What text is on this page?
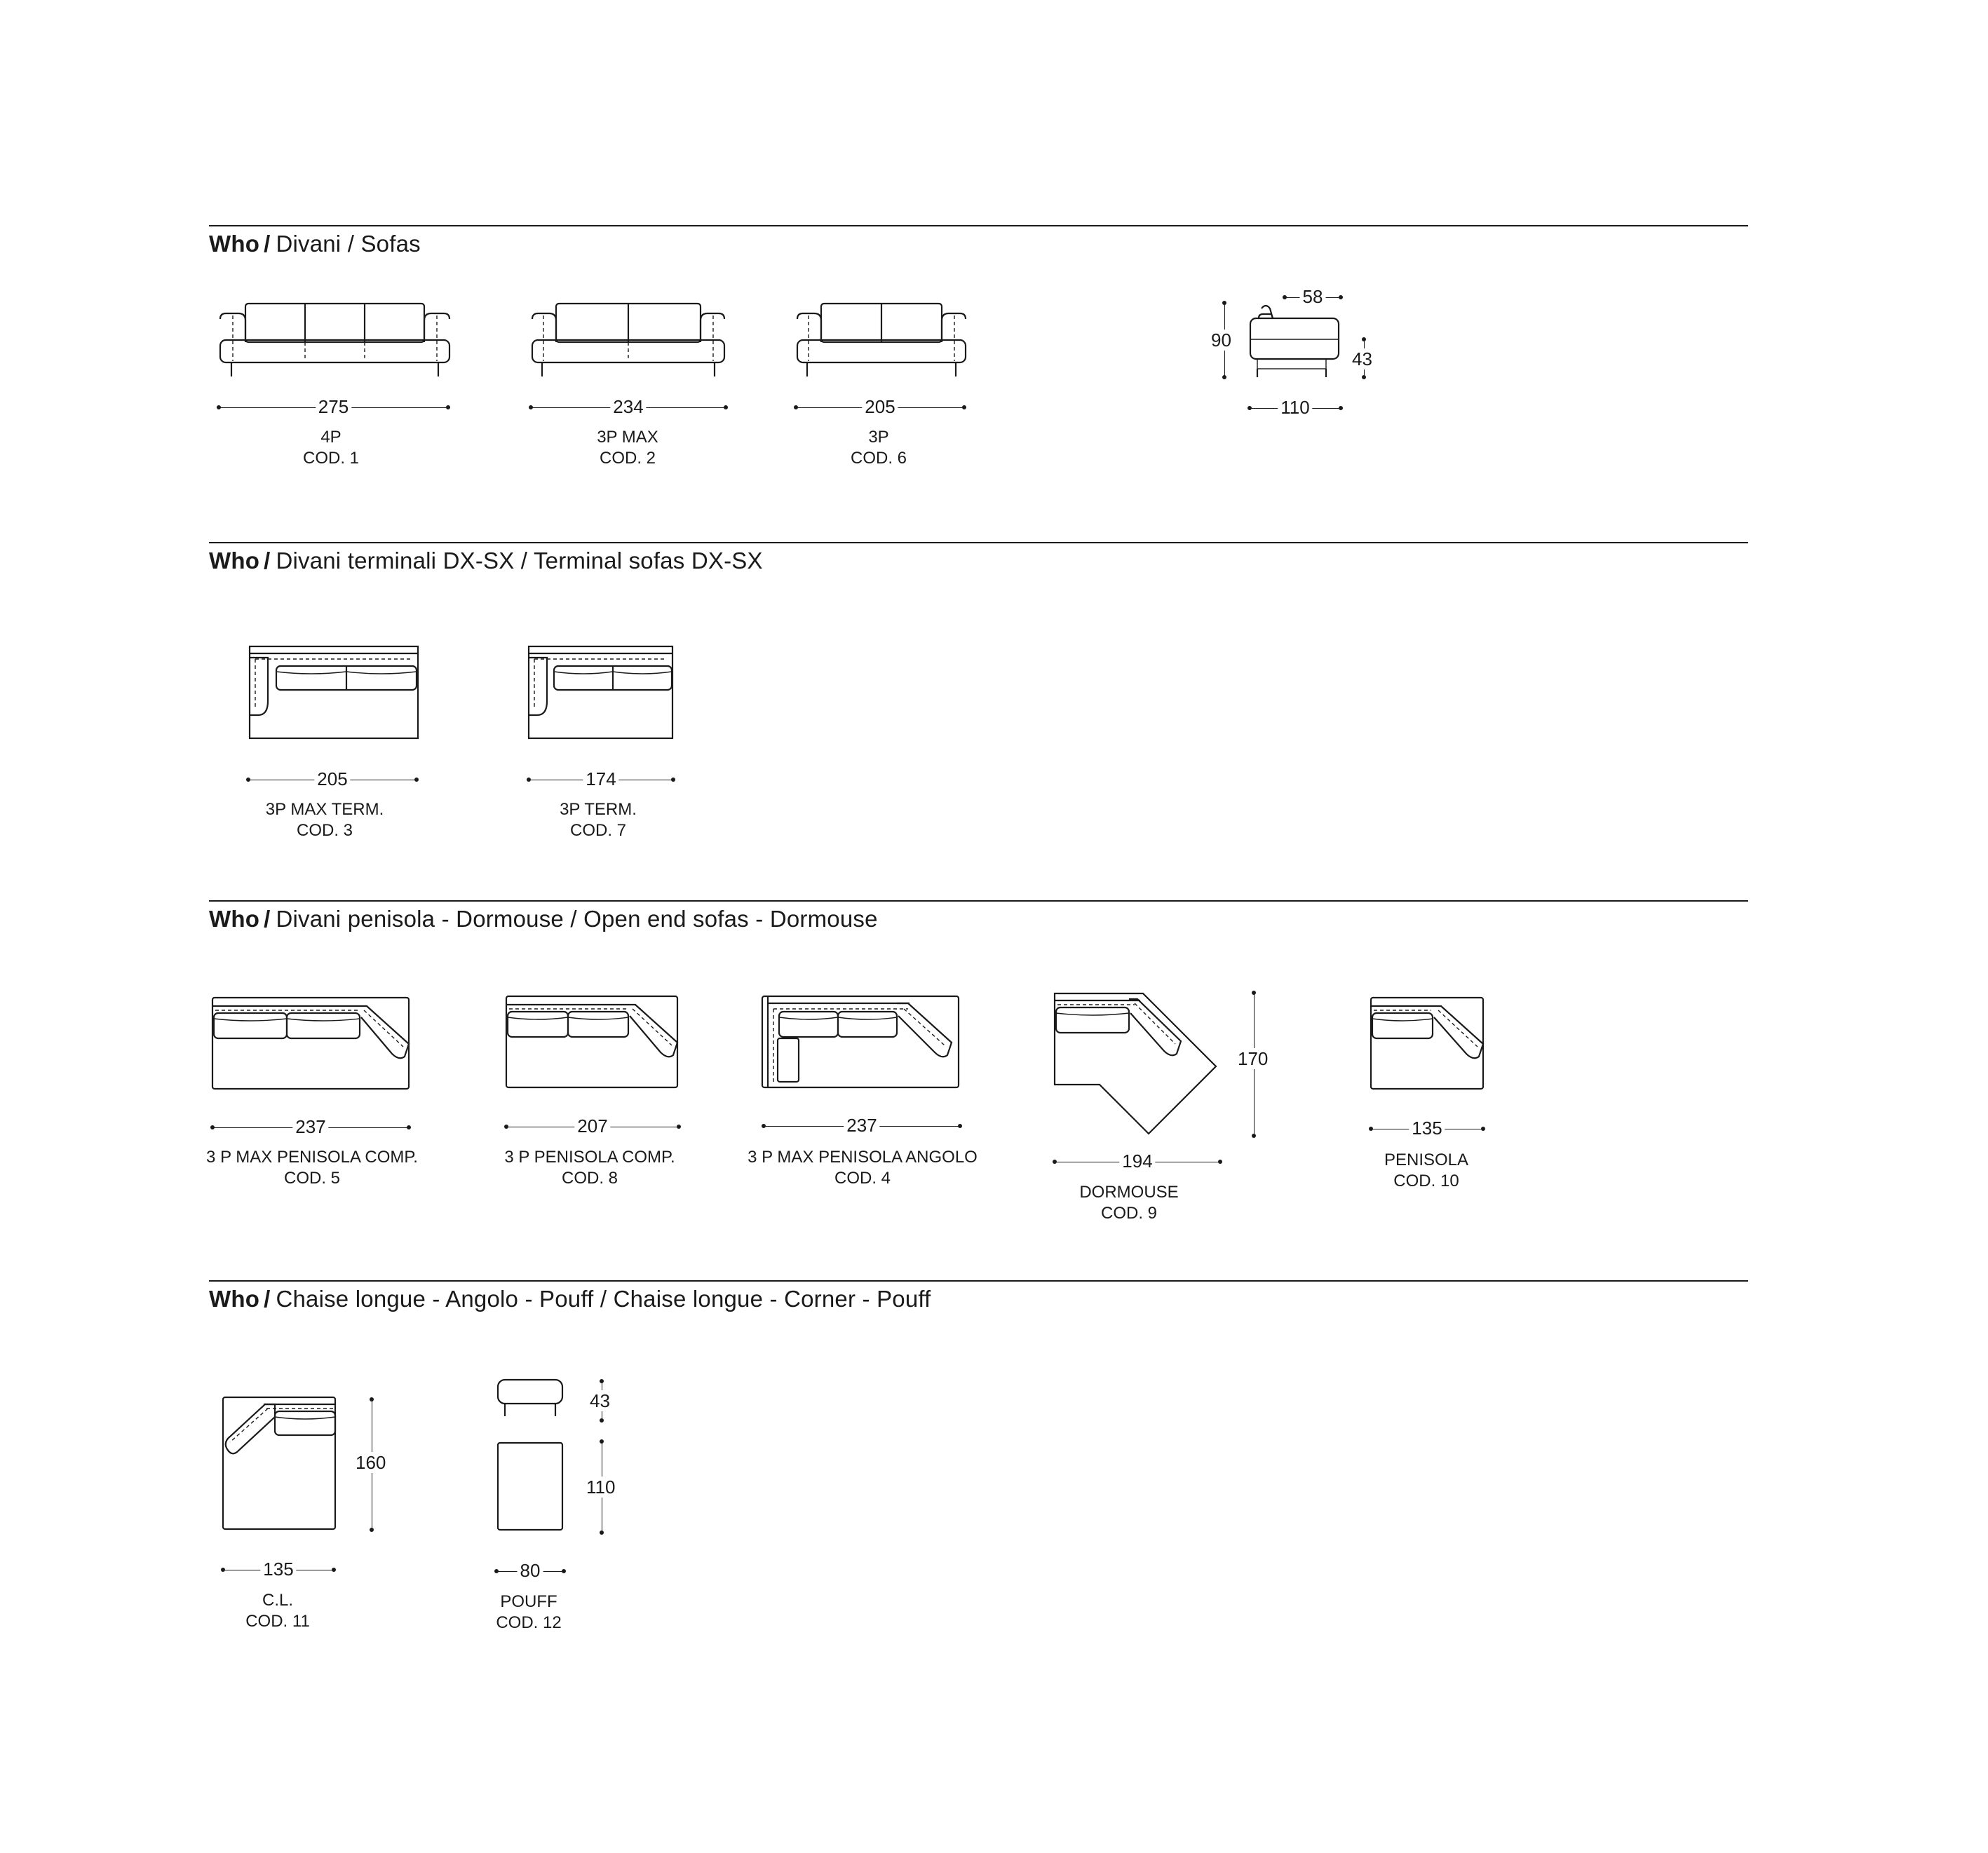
Who / Divani / Sofas
275
4P
COD. 1
234
3P MAX
COD. 2
205
3P
COD. 6
58
90
43
110
Who / Divani terminali DX-SX / Terminal sofas DX-SX
205
3P MAX TERM.
COD. 3
174
3P TERM.
COD. 7
Who / Divani penisola - Dormouse / Open end sofas - Dormouse
237
3 P MAX PENISOLA COMP.
COD. 5
207
3 P PENISOLA COMP.
COD. 8
237
3 P MAX PENISOLA ANGOLO
COD. 4
170
194
DORMOUSE
COD. 9
135
PENISOLA
COD. 10
Who / Chaise longue - Angolo - Pouff / Chaise longue - Corner - Pouff
160
135
C.L.
COD. 11
43
110
80
POUFF
COD. 12
